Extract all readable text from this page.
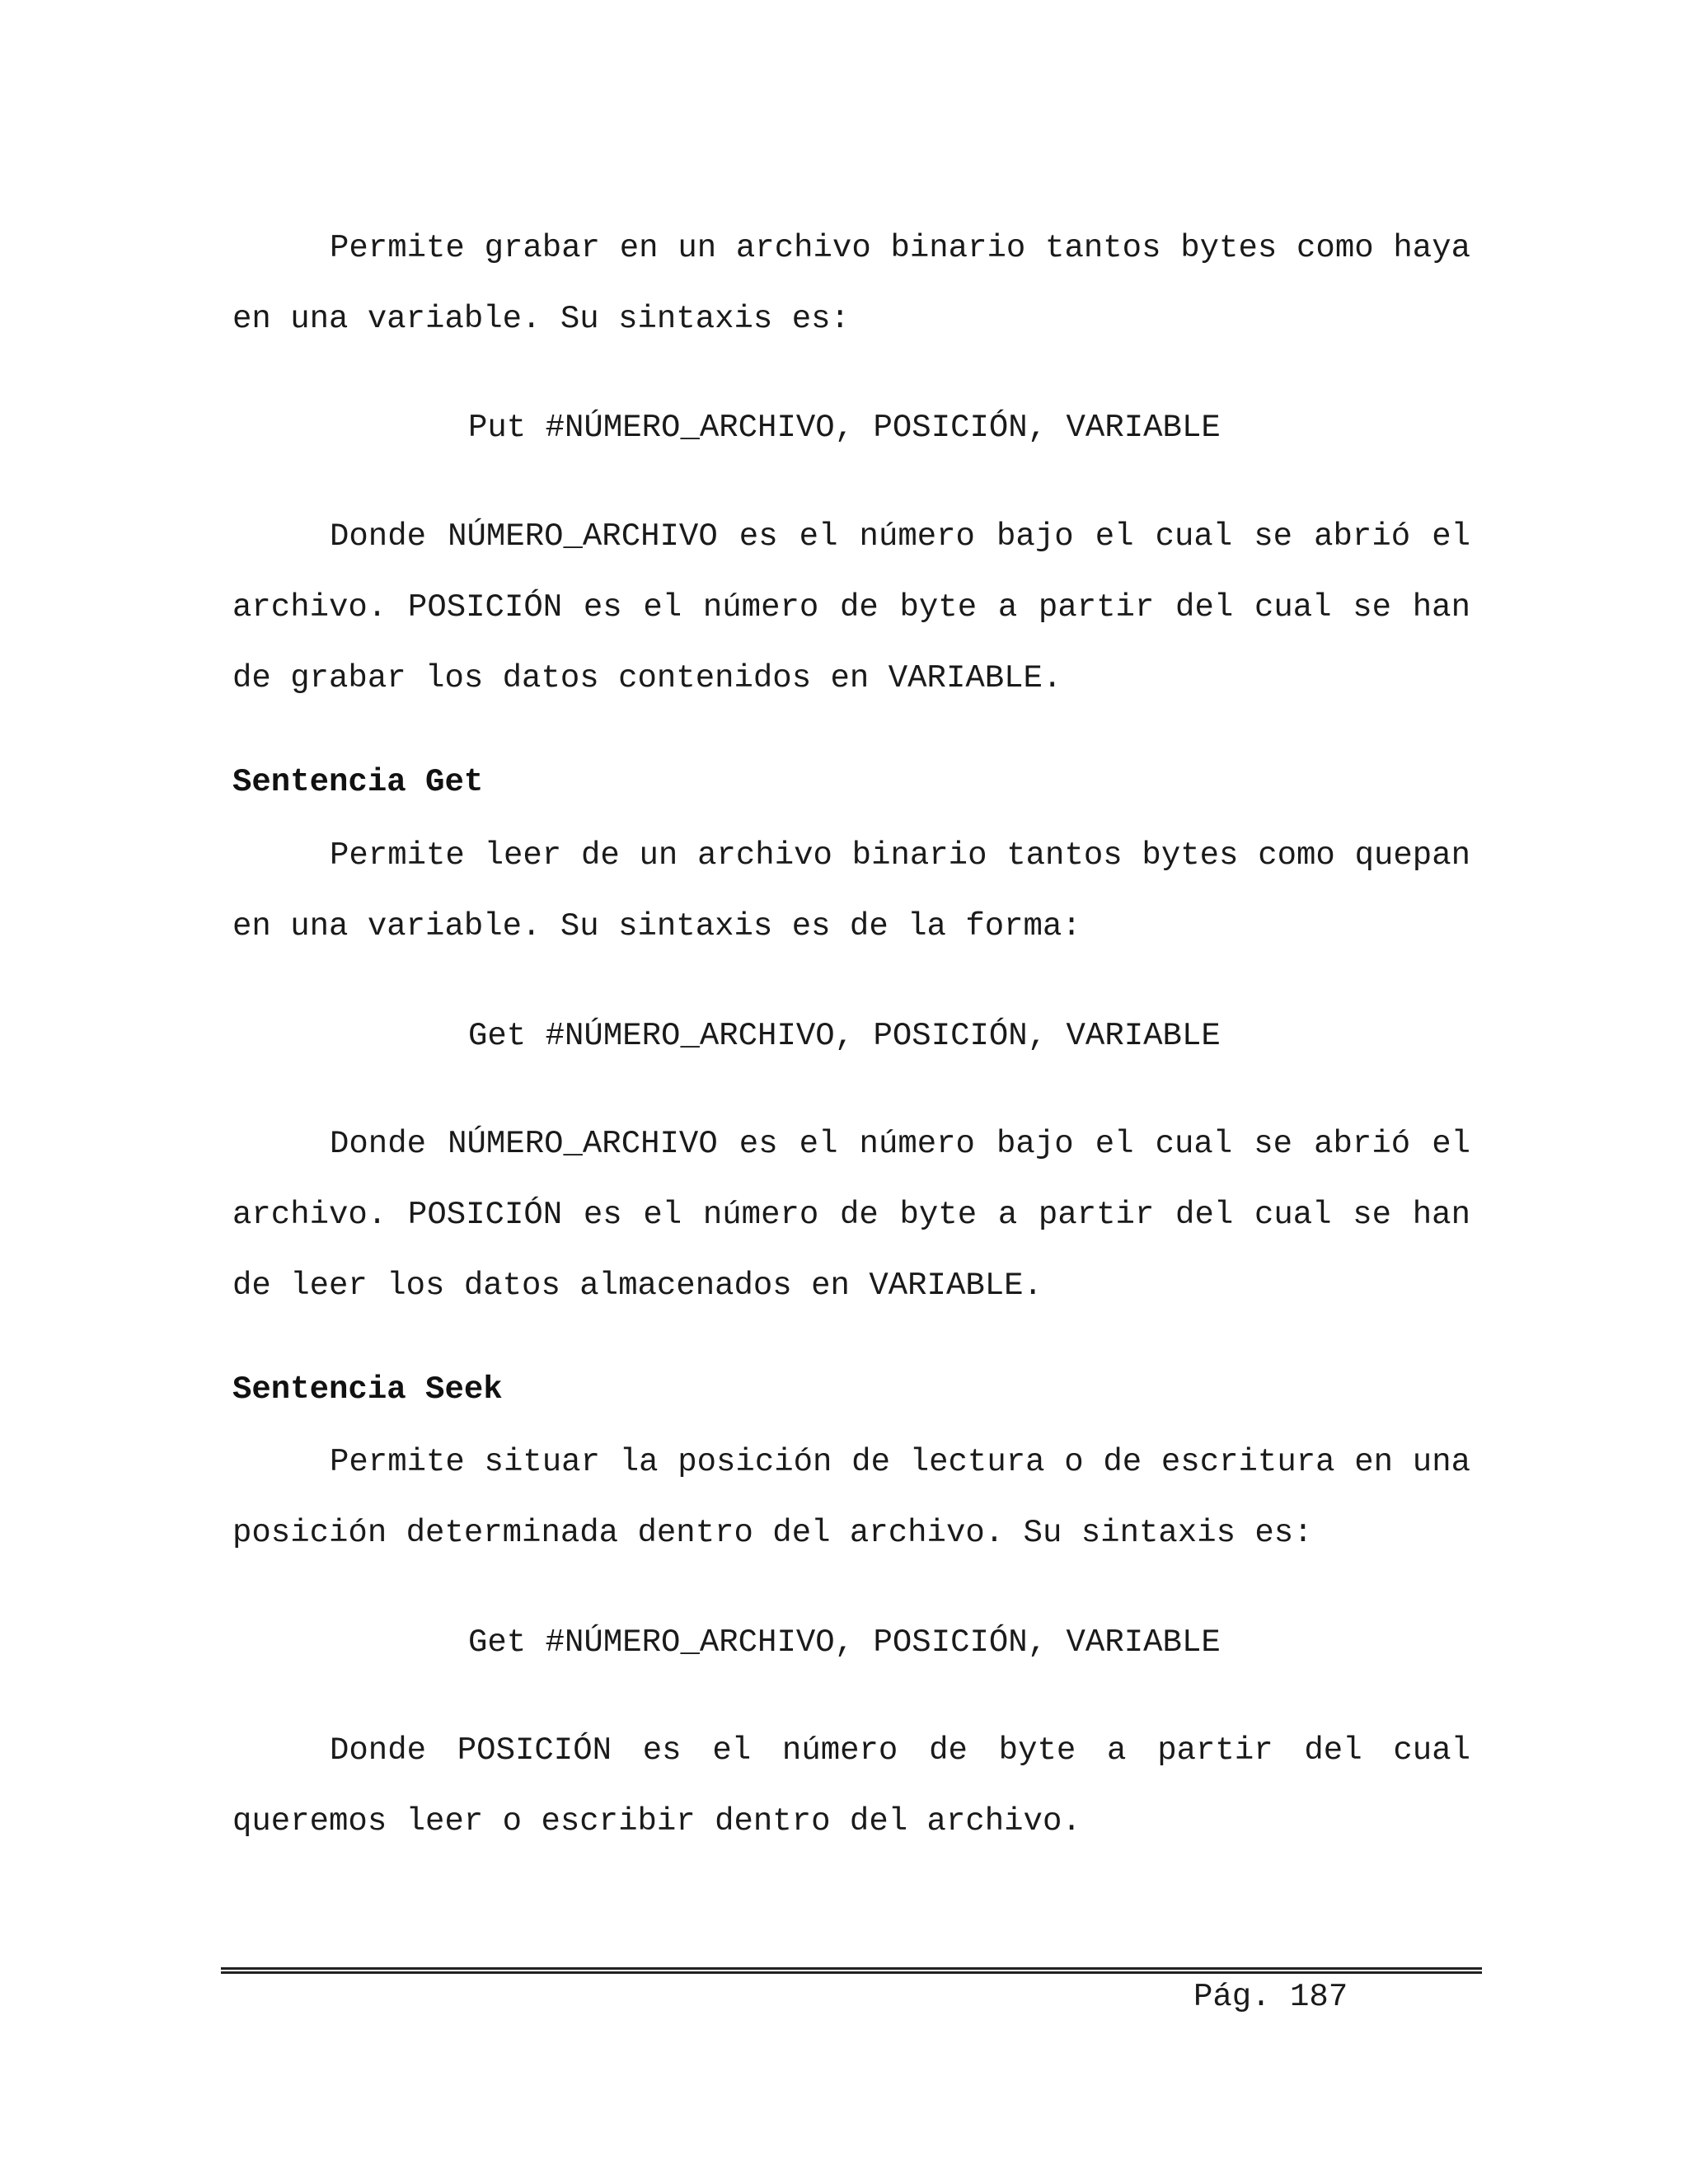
Permite grabar en un archivo binario tantos bytes como haya en una variable. Su sintaxis es:

Put #NÚMERO_ARCHIVO, POSICIÓN, VARIABLE

Donde NÚMERO_ARCHIVO es el número bajo el cual se abrió el archivo. POSICIÓN es el número de byte a partir del cual se han de grabar los datos contenidos en VARIABLE.

Sentencia Get

Permite leer de un archivo binario tantos bytes como quepan en una variable. Su sintaxis es de la forma:

Get #NÚMERO_ARCHIVO, POSICIÓN, VARIABLE

Donde NÚMERO_ARCHIVO es el número bajo el cual se abrió el archivo. POSICIÓN es el número de byte a partir del cual se han de leer los datos almacenados en VARIABLE.

Sentencia Seek

Permite situar la posición de lectura o de escritura en una posición determinada dentro del archivo. Su sintaxis es:

Get #NÚMERO_ARCHIVO, POSICIÓN, VARIABLE

Donde POSICIÓN es el número de byte a partir del cual queremos leer o escribir dentro del archivo.

Pág. 187
